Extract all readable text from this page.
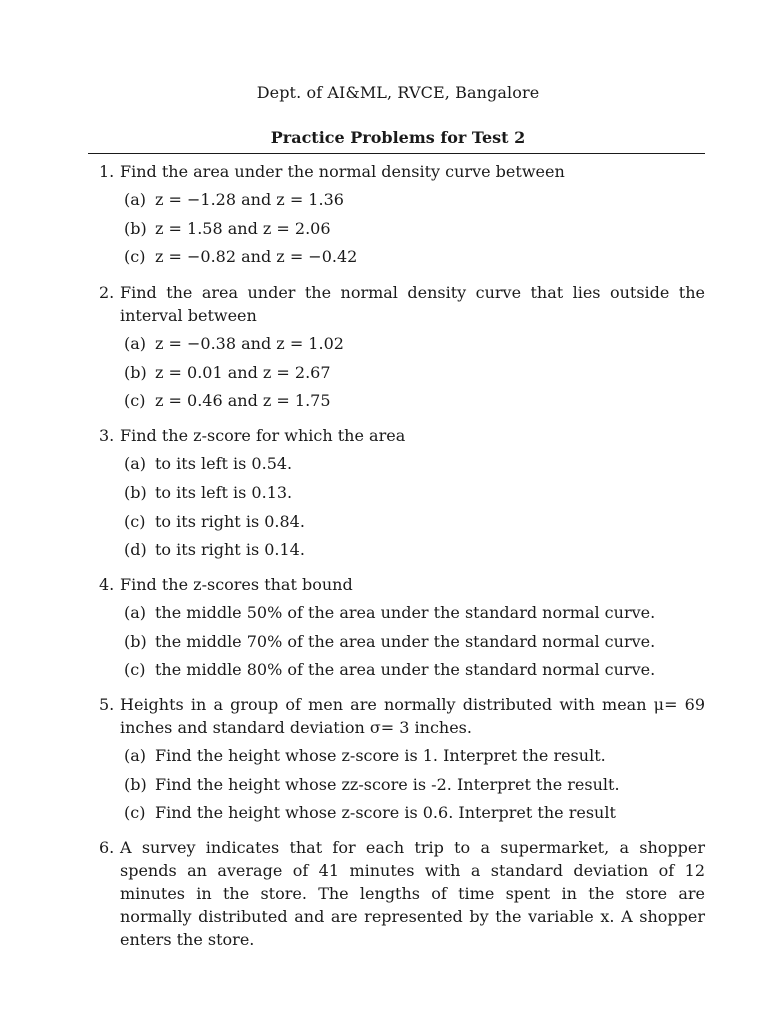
Dept. of AI&ML, RVCE, Bangalore
Practice Problems for Test 2
1. Find the area under the normal density curve between
(a) z = −1.28 and z = 1.36
(b) z = 1.58 and z = 2.06
(c) z = −0.82 and z = −0.42
2. Find the area under the normal density curve that lies outside the interval between
(a) z = −0.38 and z = 1.02
(b) z = 0.01 and z = 2.67
(c) z = 0.46 and z = 1.75
3. Find the z-score for which the area
(a) to its left is 0.54.
(b) to its left is 0.13.
(c) to its right is 0.84.
(d) to its right is 0.14.
4. Find the z-scores that bound
(a) the middle 50% of the area under the standard normal curve.
(b) the middle 70% of the area under the standard normal curve.
(c) the middle 80% of the area under the standard normal curve.
5. Heights in a group of men are normally distributed with mean μ= 69 inches and standard deviation σ= 3 inches.
(a) Find the height whose z-score is 1. Interpret the result.
(b) Find the height whose zz-score is -2. Interpret the result.
(c) Find the height whose z-score is 0.6. Interpret the result
6. A survey indicates that for each trip to a supermarket, a shopper spends an average of 41 minutes with a standard deviation of 12 minutes in the store. The lengths of time spent in the store are normally distributed and are represented by the variable x. A shopper enters the store.
